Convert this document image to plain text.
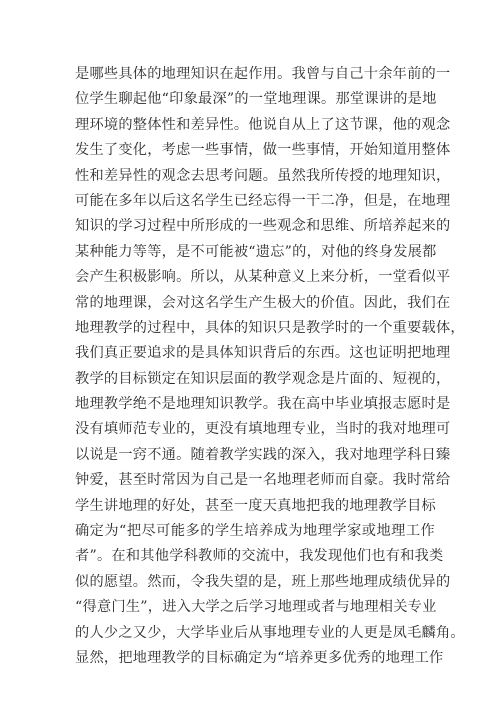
是哪些具体的地理知识在起作用。我曾与自己十余年前的一
位学生聊起他“印象最深”的一堂地理课。那堂课讲的是地
理环境的整体性和差异性。他说自从上了这节课，他的观念
发生了变化，考虑一些事情，做一些事情，开始知道用整体
性和差异性的观念去思考问题。虽然我所传授的地理知识，
可能在多年以后这名学生已经忘得一干二净，但是，在地理
知识的学习过程中所形成的一些观念和思维、所培养起来的
某种能力等等，是不可能被“遗忘”的，对他的终身发展都
会产生积极影响。所以，从某种意义上来分析，一堂看似平
常的地理课，会对这名学生产生极大的价值。因此，我们在
地理教学的过程中，具体的知识只是教学时的一个重要载体，
我们真正要追求的是具体知识背后的东西。这也证明把地理
教学的目标锁定在知识层面的教学观念是片面的、短视的，
地理教学绝不是地理知识教学。我在高中毕业填报志愿时是
没有填师范专业的，更没有填地理专业，当时的我对地理可
以说是一窍不通。随着教学实践的深入，我对地理学科日臻
钟爱，甚至时常因为自己是一名地理老师而自豪。我时常给
学生讲地理的好处，甚至一度天真地把我的地理教学目标
确定为“把尽可能多的学生培养成为地理学家或地理工作
者”。在和其他学科教师的交流中，我发现他们也有和我类
似的愿望。然而，令我失望的是，班上那些地理成绩优异的
“得意门生”，进入大学之后学习地理或者与地理相关专业
的人少之又少，大学毕业后从事地理专业的人更是凤毛麟角。
显然，把地理教学的目标确定为“培养更多优秀的地理工作
